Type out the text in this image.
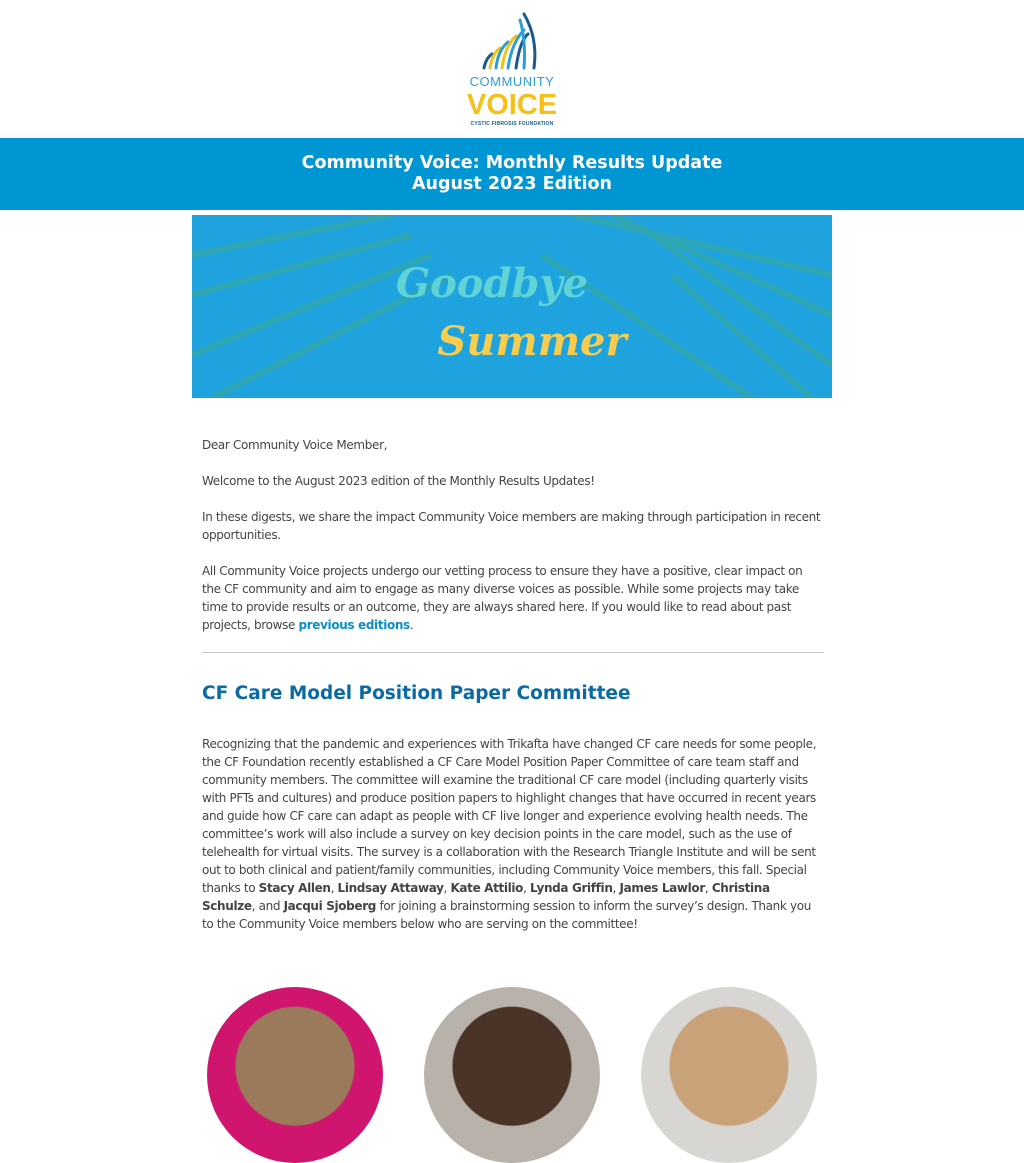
COMMUNITY
VOICE
CYSTIC FIBROSIS FOUNDATION
Community Voice: Monthly Results Update
August 2023 Edition
Goodbye
Summer

Dear Community Voice Member,

Welcome to the August 2023 edition of the Monthly Results Updates!

In these digests, we share the impact Community Voice members are making through participation in recent opportunities.

All Community Voice projects undergo our vetting process to ensure they have a positive, clear impact on the CF community and aim to engage as many diverse voices as possible. While some projects may take time to provide results or an outcome, they are always shared here. If you would like to read about past projects, browse previous editions.

CF Care Model Position Paper Committee

Recognizing that the pandemic and experiences with Trikafta have changed CF care needs for some people, the CF Foundation recently established a CF Care Model Position Paper Committee of care team staff and community members. The committee will examine the traditional CF care model (including quarterly visits with PFTs and cultures) and produce position papers to highlight changes that have occurred in recent years and guide how CF care can adapt as people with CF live longer and experience evolving health needs. The committee’s work will also include a survey on key decision points in the care model, such as the use of telehealth for virtual visits. The survey is a collaboration with the Research Triangle Institute and will be sent out to both clinical and patient/family communities, including Community Voice members, this fall. Special thanks to Stacy Allen, Lindsay Attaway, Kate Attilio, Lynda Griffin, James Lawlor, Christina Schulze, and Jacqui Sjoberg for joining a brainstorming session to inform the survey’s design. Thank you to the Community Voice members below who are serving on the committee!
